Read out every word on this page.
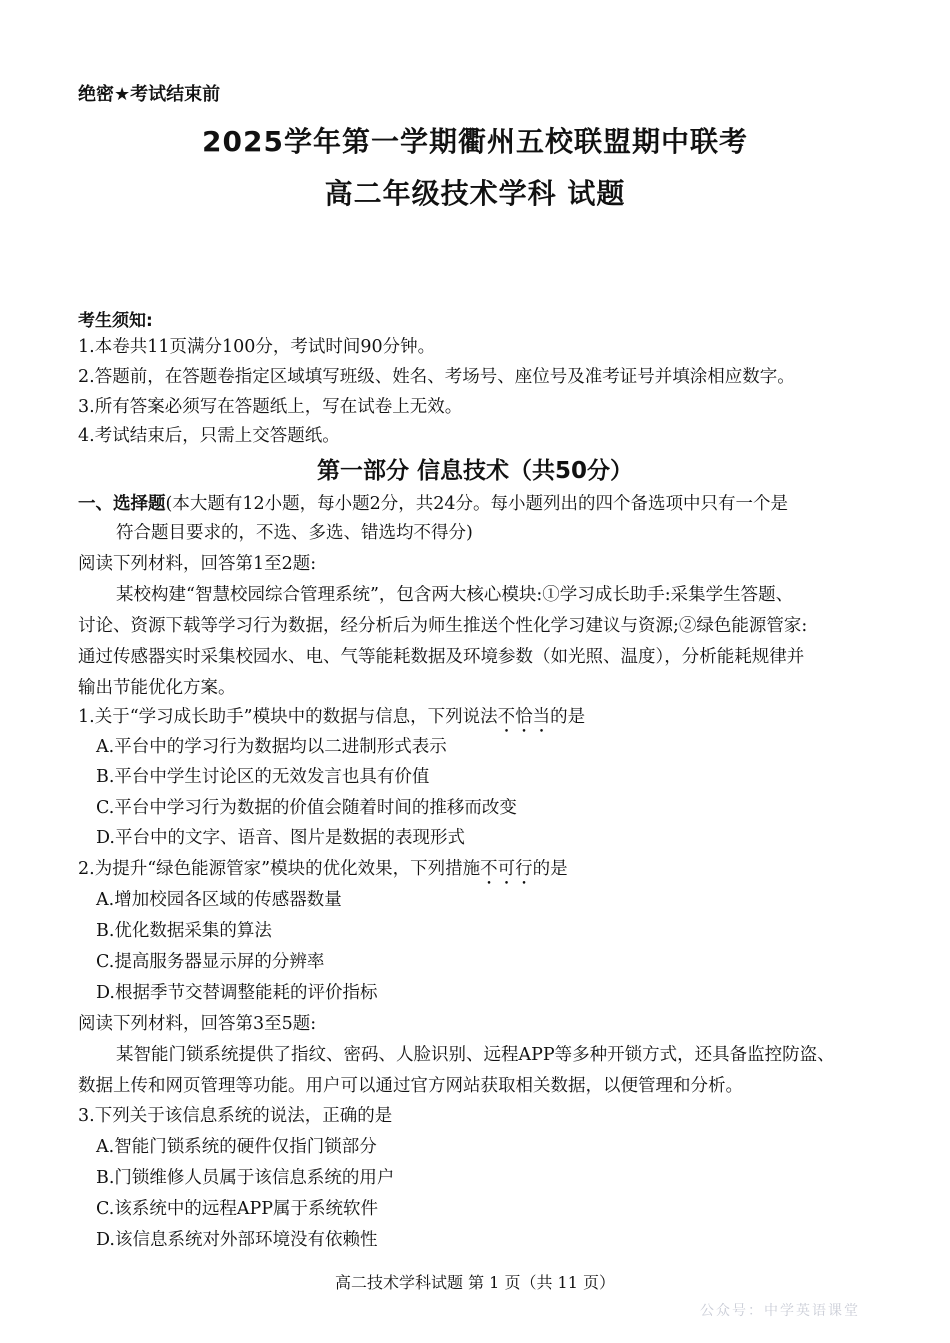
绝密★考试结束前
2025学年第一学期衢州五校联盟期中联考
高二年级技术学科 试题
考生须知:
1.本卷共11页满分100分，考试时间90分钟。
2.答题前，在答题卷指定区域填写班级、姓名、考场号、座位号及准考证号并填涂相应数字。
3.所有答案必须写在答题纸上，写在试卷上无效。
4.考试结束后，只需上交答题纸。
第一部分 信息技术（共50分）
一、选择题(本大题有12小题，每小题2分，共24分。每小题列出的四个备选项中只有一个是
符合题目要求的，不选、多选、错选均不得分)
阅读下列材料，回答第1至2题:
某校构建“智慧校园综合管理系统”，包含两大核心模块:①学习成长助手:采集学生答题、
讨论、资源下载等学习行为数据，经分析后为师生推送个性化学习建议与资源;②绿色能源管家:
通过传感器实时采集校园水、电、气等能耗数据及环境参数（如光照、温度），分析能耗规律并
输出节能优化方案。
1.关于“学习成长助手”模块中的数据与信息，下列说法不恰当的是
A.平台中的学习行为数据均以二进制形式表示
B.平台中学生讨论区的无效发言也具有价值
C.平台中学习行为数据的价值会随着时间的推移而改变
D.平台中的文字、语音、图片是数据的表现形式
2.为提升“绿色能源管家”模块的优化效果，下列措施不可行的是
A.增加校园各区域的传感器数量
B.优化数据采集的算法
C.提高服务器显示屏的分辨率
D.根据季节交替调整能耗的评价指标
阅读下列材料，回答第3至5题:
某智能门锁系统提供了指纹、密码、人脸识别、远程APP等多种开锁方式，还具备监控防盗、
数据上传和网页管理等功能。用户可以通过官方网站获取相关数据，以便管理和分析。
3.下列关于该信息系统的说法，正确的是
A.智能门锁系统的硬件仅指门锁部分
B.门锁维修人员属于该信息系统的用户
C.该系统中的远程APP属于系统软件
D.该信息系统对外部环境没有依赖性
高二技术学科试题 第 1 页（共 11 页）
公众号：中学英语课堂
